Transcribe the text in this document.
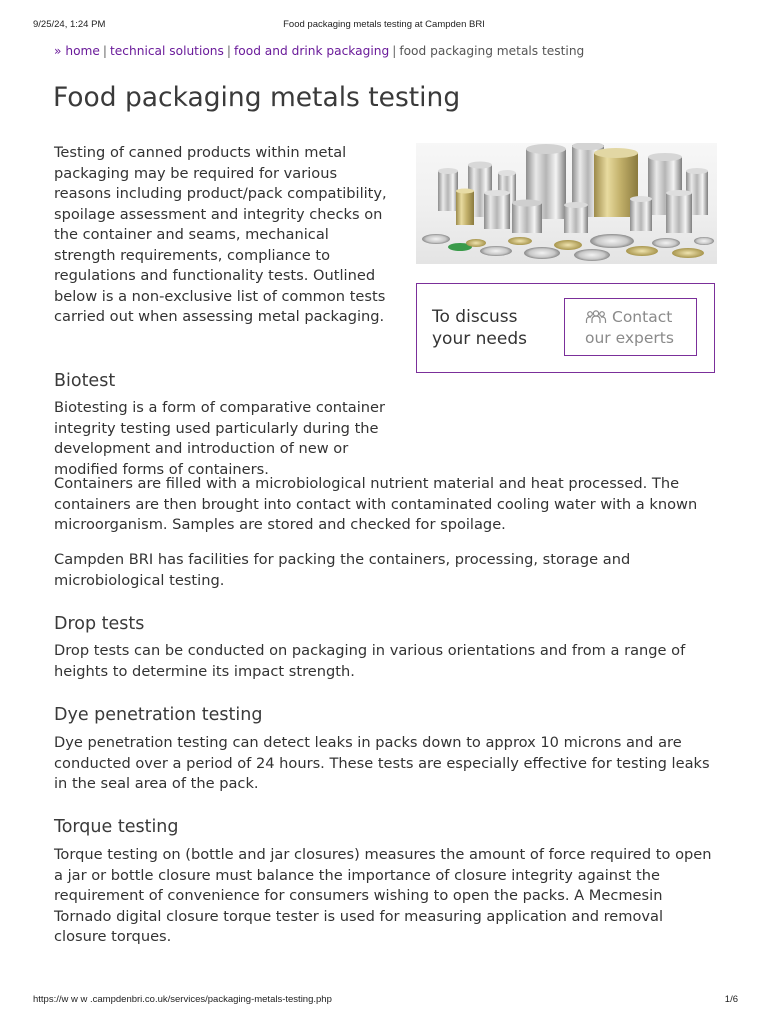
9/25/24, 1:24 PM	Food packaging metals testing at Campden BRI
» home | technical solutions | food and drink packaging | food packaging metals testing
Food packaging metals testing

Testing of canned products within metal packaging may be required for various reasons including product/pack compatibility, spoilage assessment and integrity checks on the container and seams, mechanical strength requirements, compliance to regulations and functionality tests. Outlined below is a non-exclusive list of common tests carried out when assessing metal packaging.	To discuss your needs

Contact our experts
Biotest

Biotesting is a form of comparative container integrity testing used particularly during the development and introduction of new or modified forms of containers.

Containers are filled with a microbiological nutrient material and heat processed. The containers are then brought into contact with contaminated cooling water with a known microorganism. Samples are stored and checked for spoilage.

Campden BRI has facilities for packing the containers, processing, storage and microbiological testing.

Drop tests

Drop tests can be conducted on packaging in various orientations and from a range of heights to determine its impact strength.

Dye penetration testing

Dye penetration testing can detect leaks in packs down to approx 10 microns and are conducted over a period of 24 hours. These tests are especially effective for testing leaks in the seal area of the pack.

Torque testing

Torque testing on (bottle and jar closures) measures the amount of force required to open a jar or bottle closure must balance the importance of closure integrity against the requirement of convenience for consumers wishing to open the packs. A Mecmesin Tornado digital closure torque tester is used for measuring application and removal closure torques.

https://w w w .campdenbri.co.uk/services/packaging-metals-testing.php	1/6
